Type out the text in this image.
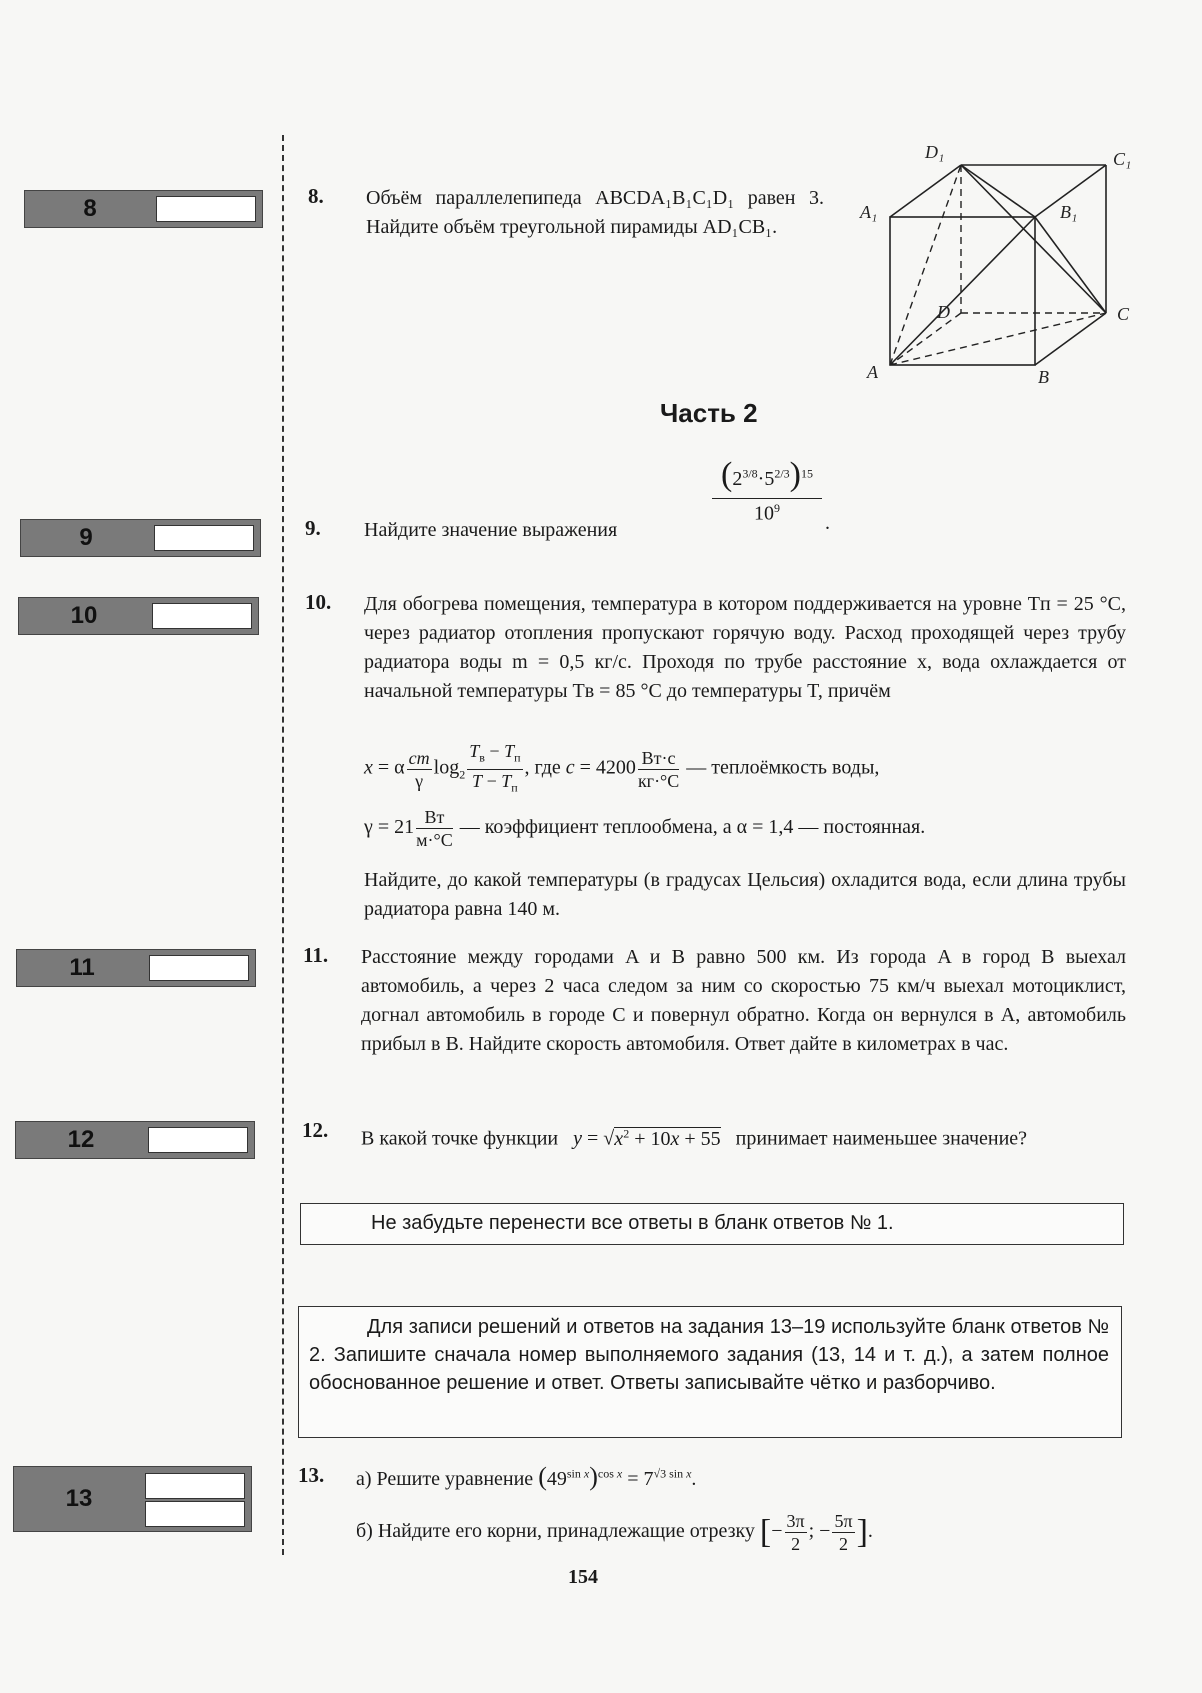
8
9
10
11
12
13
8. Объём параллелепипеда ABCDA₁B₁C₁D₁ равен 3. Найдите объём треугольной пирамиды AD₁CB₁.
A	B
C
D
A₁	B₁
C₁
D₁
Часть 2
9. Найдите значение выражения
$(2^{3/8}\cdot 5^{2/3})^{15}$
$10^9$
.
10. Для обогрева помещения, температура в котором поддерживается на уровне Tп = 25 °C, через радиатор отопления пропускают горячую воду. Расход проходящей через трубу радиатора воды m = 0,5 кг/с. Проходя по трубе расстояние x, вода охлаждается от начальной температуры Tв = 85 °C до температуры T, причём
x = α $\frac{cm}{\gamma} \log_2 \frac{T_в - T_п}{T - T_п}$ , где $c = 4200 \frac{Вт\cdot с}{кг\cdot^\circ C}$ — теплоёмкость воды,
$\gamma = 21 \frac{Вт}{м\cdot^\circ C}$ — коэффициент теплообмена, а α = 1,4 — постоянная.
Найдите, до какой температуры (в градусах Цельсия) охладится вода, если длина трубы радиатора равна 140 м.
11. Расстояние между городами A и B равно 500 км. Из города A в город B выехал автомобиль, а через 2 часа следом за ним со скоростью 75 км/ч выехал мотоциклист, догнал автомобиль в городе C и повернул обратно. Когда он вернулся в A, автомобиль прибыл в B. Найдите скорость автомобиля. Ответ дайте в километрах в час.
12. В какой точке функции $y = √x^2 + 10x + 55$ принимает наименьшее значение?
Не забудьте перенести все ответы в бланк ответов № 1.
Для записи решений и ответов на задания 13–19 используйте бланк ответов № 2. Запишите сначала номер выполняемого задания (13, 14 и т. д.), а затем полное обоснованное решение и ответ. Ответы записывайте чётко и разборчиво.
13. а) Решите уравнение $(49^{sin x})^{cos x} = 7^{√3 sin x}$.
б) Найдите его корни, принадлежащие отрезку [− $\frac{3\pi}{2}$ ; − $\frac{5\pi}{2}$ ].
154
